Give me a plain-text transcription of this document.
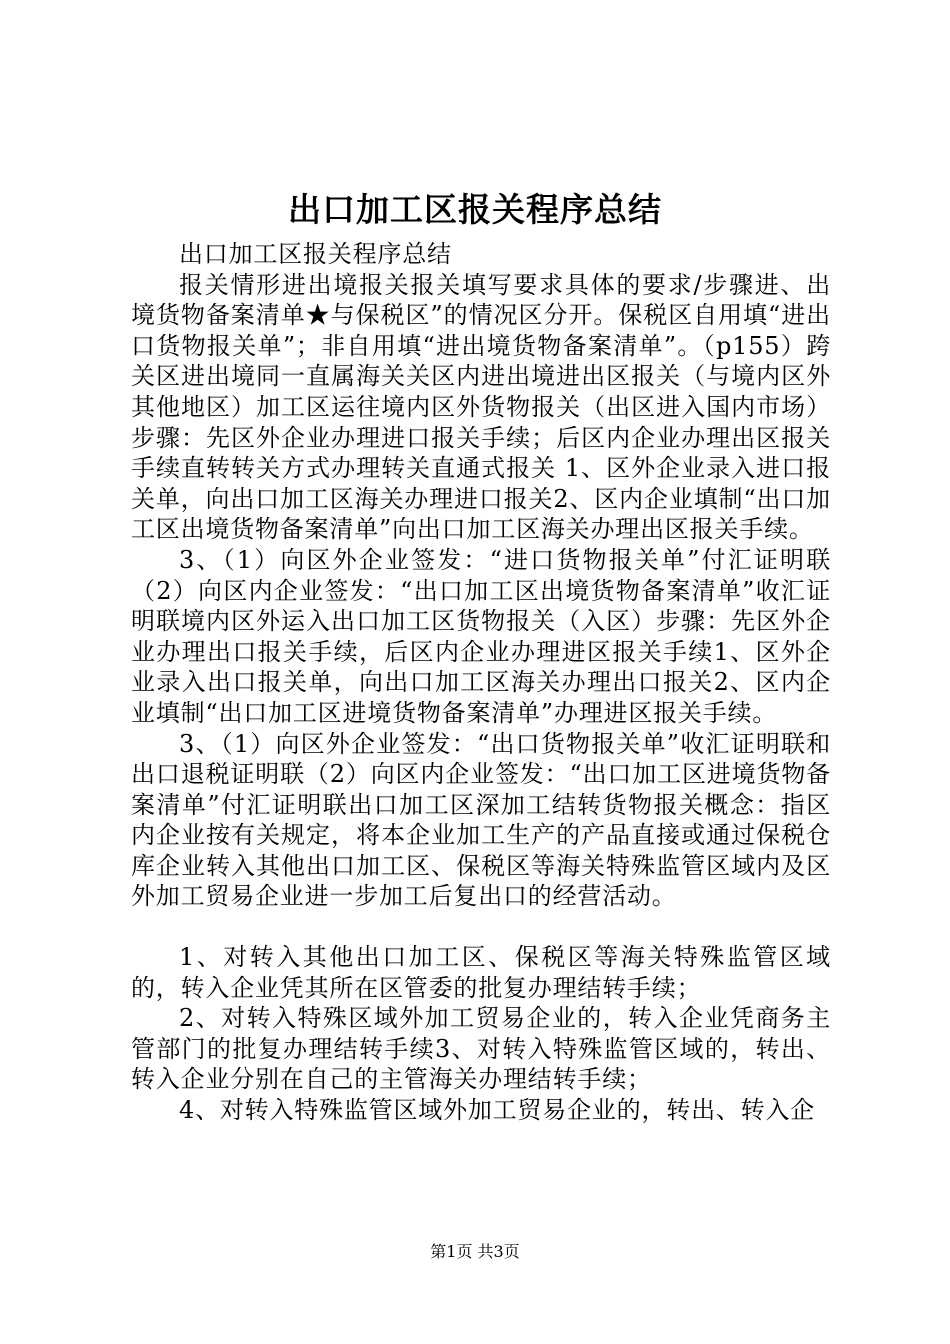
出口加工区报关程序总结

出口加工区报关程序总结

报关情形进出境报关报关填写要求具体的要求/步骤进、出境货物备案清单★与保税区”的情况区分开。保税区自用填“进出口货物报关单”；非自用填“进出境货物备案清单”。（p155）跨关区进出境同一直属海关关区内进出境进出区报关（与境内区外其他地区）加工区运往境内区外货物报关（出区进入国内市场）步骤：先区外企业办理进口报关手续；后区内企业办理出区报关手续直转转关方式办理转关直通式报关 1、区外企业录入进口报关单，向出口加工区海关办理进口报关2、区内企业填制“出口加工区出境货物备案清单”向出口加工区海关办理出区报关手续。

3、（1）向区外企业签发：“进口货物报关单”付汇证明联（2）向区内企业签发：“出口加工区出境货物备案清单”收汇证明联境内区外运入出口加工区货物报关（入区）步骤：先区外企业办理出口报关手续，后区内企业办理进区报关手续1、区外企业录入出口报关单，向出口加工区海关办理出口报关2、区内企业填制“出口加工区进境货物备案清单”办理进区报关手续。

3、（1）向区外企业签发：“出口货物报关单”收汇证明联和出口退税证明联（2）向区内企业签发：“出口加工区进境货物备案清单”付汇证明联出口加工区深加工结转货物报关概念：指区内企业按有关规定，将本企业加工生产的产品直接或通过保税仓库企业转入其他出口加工区、保税区等海关特殊监管区域内及区外加工贸易企业进一步加工后复出口的经营活动。

1、对转入其他出口加工区、保税区等海关特殊监管区域的，转入企业凭其所在区管委的批复办理结转手续；

2、对转入特殊区域外加工贸易企业的，转入企业凭商务主管部门的批复办理结转手续3、对转入特殊监管区域的，转出、转入企业分别在自己的主管海关办理结转手续；

4、对转入特殊监管区域外加工贸易企业的，转出、转入企

第1页 共3页
